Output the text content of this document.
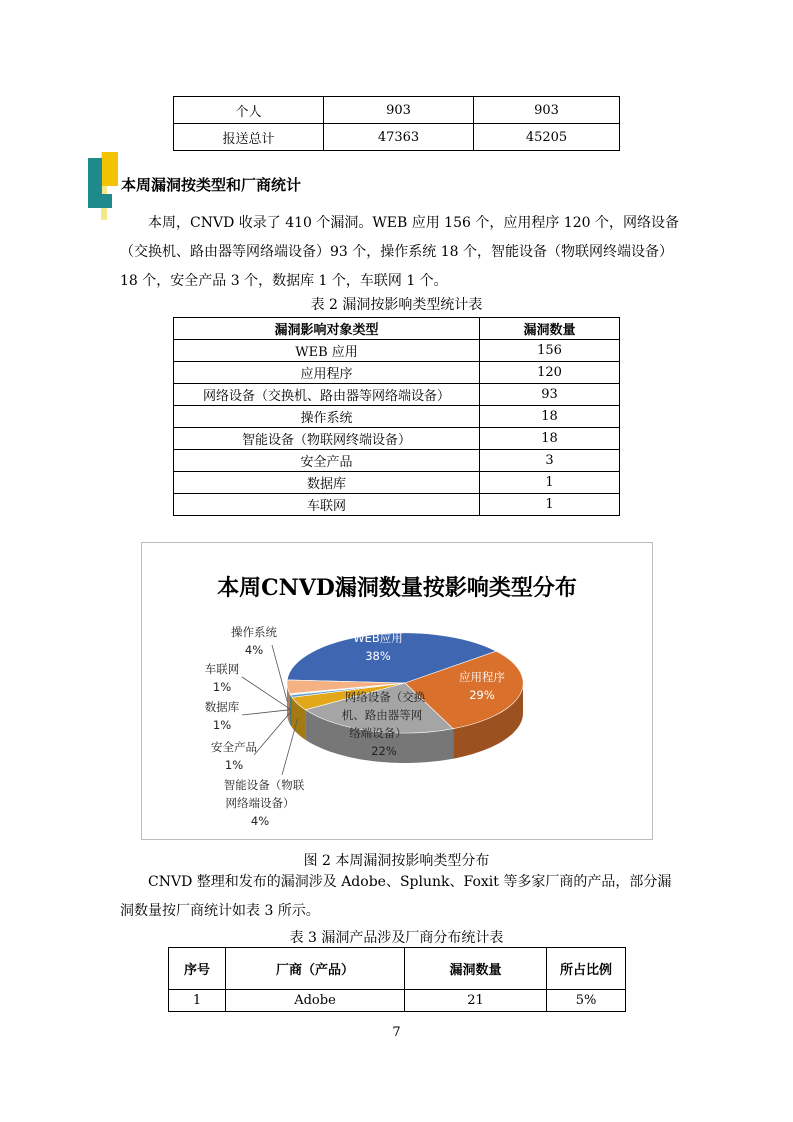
个人	903	903
报送总计	47363	45205
本周漏洞按类型和厂商统计
本周，CNVD 收录了 410 个漏洞。WEB 应用 156 个，应用程序 120 个，网络设备（交换机、路由器等网络端设备）93 个，操作系统 18 个，智能设备（物联网终端设备）18 个，安全产品 3 个，数据库 1 个，车联网 1 个。
表 2 漏洞按影响类型统计表
漏洞影响对象类型	漏洞数量
WEB 应用	156
应用程序	120
网络设备（交换机、路由器等网络端设备）	93
操作系统	18
智能设备（物联网终端设备）	18
安全产品	3
数据库	1
车联网	1
本周CNVD漏洞数量按影响类型分布
WEB应用
38%
应用程序
29%
网络设备（交换
机、路由器等网
络端设备）
22%
操作系统
4%
车联网
1%
数据库
1%
安全产品
1%
智能设备（物联
网络端设备）
4%
图 2 本周漏洞按影响类型分布
CNVD 整理和发布的漏洞涉及 Adobe、Splunk、Foxit 等多家厂商的产品，部分漏洞数量按厂商统计如表 3 所示。
表 3 漏洞产品涉及厂商分布统计表
序号	厂商（产品）	漏洞数量	所占比例
1	Adobe	21	5%
7
